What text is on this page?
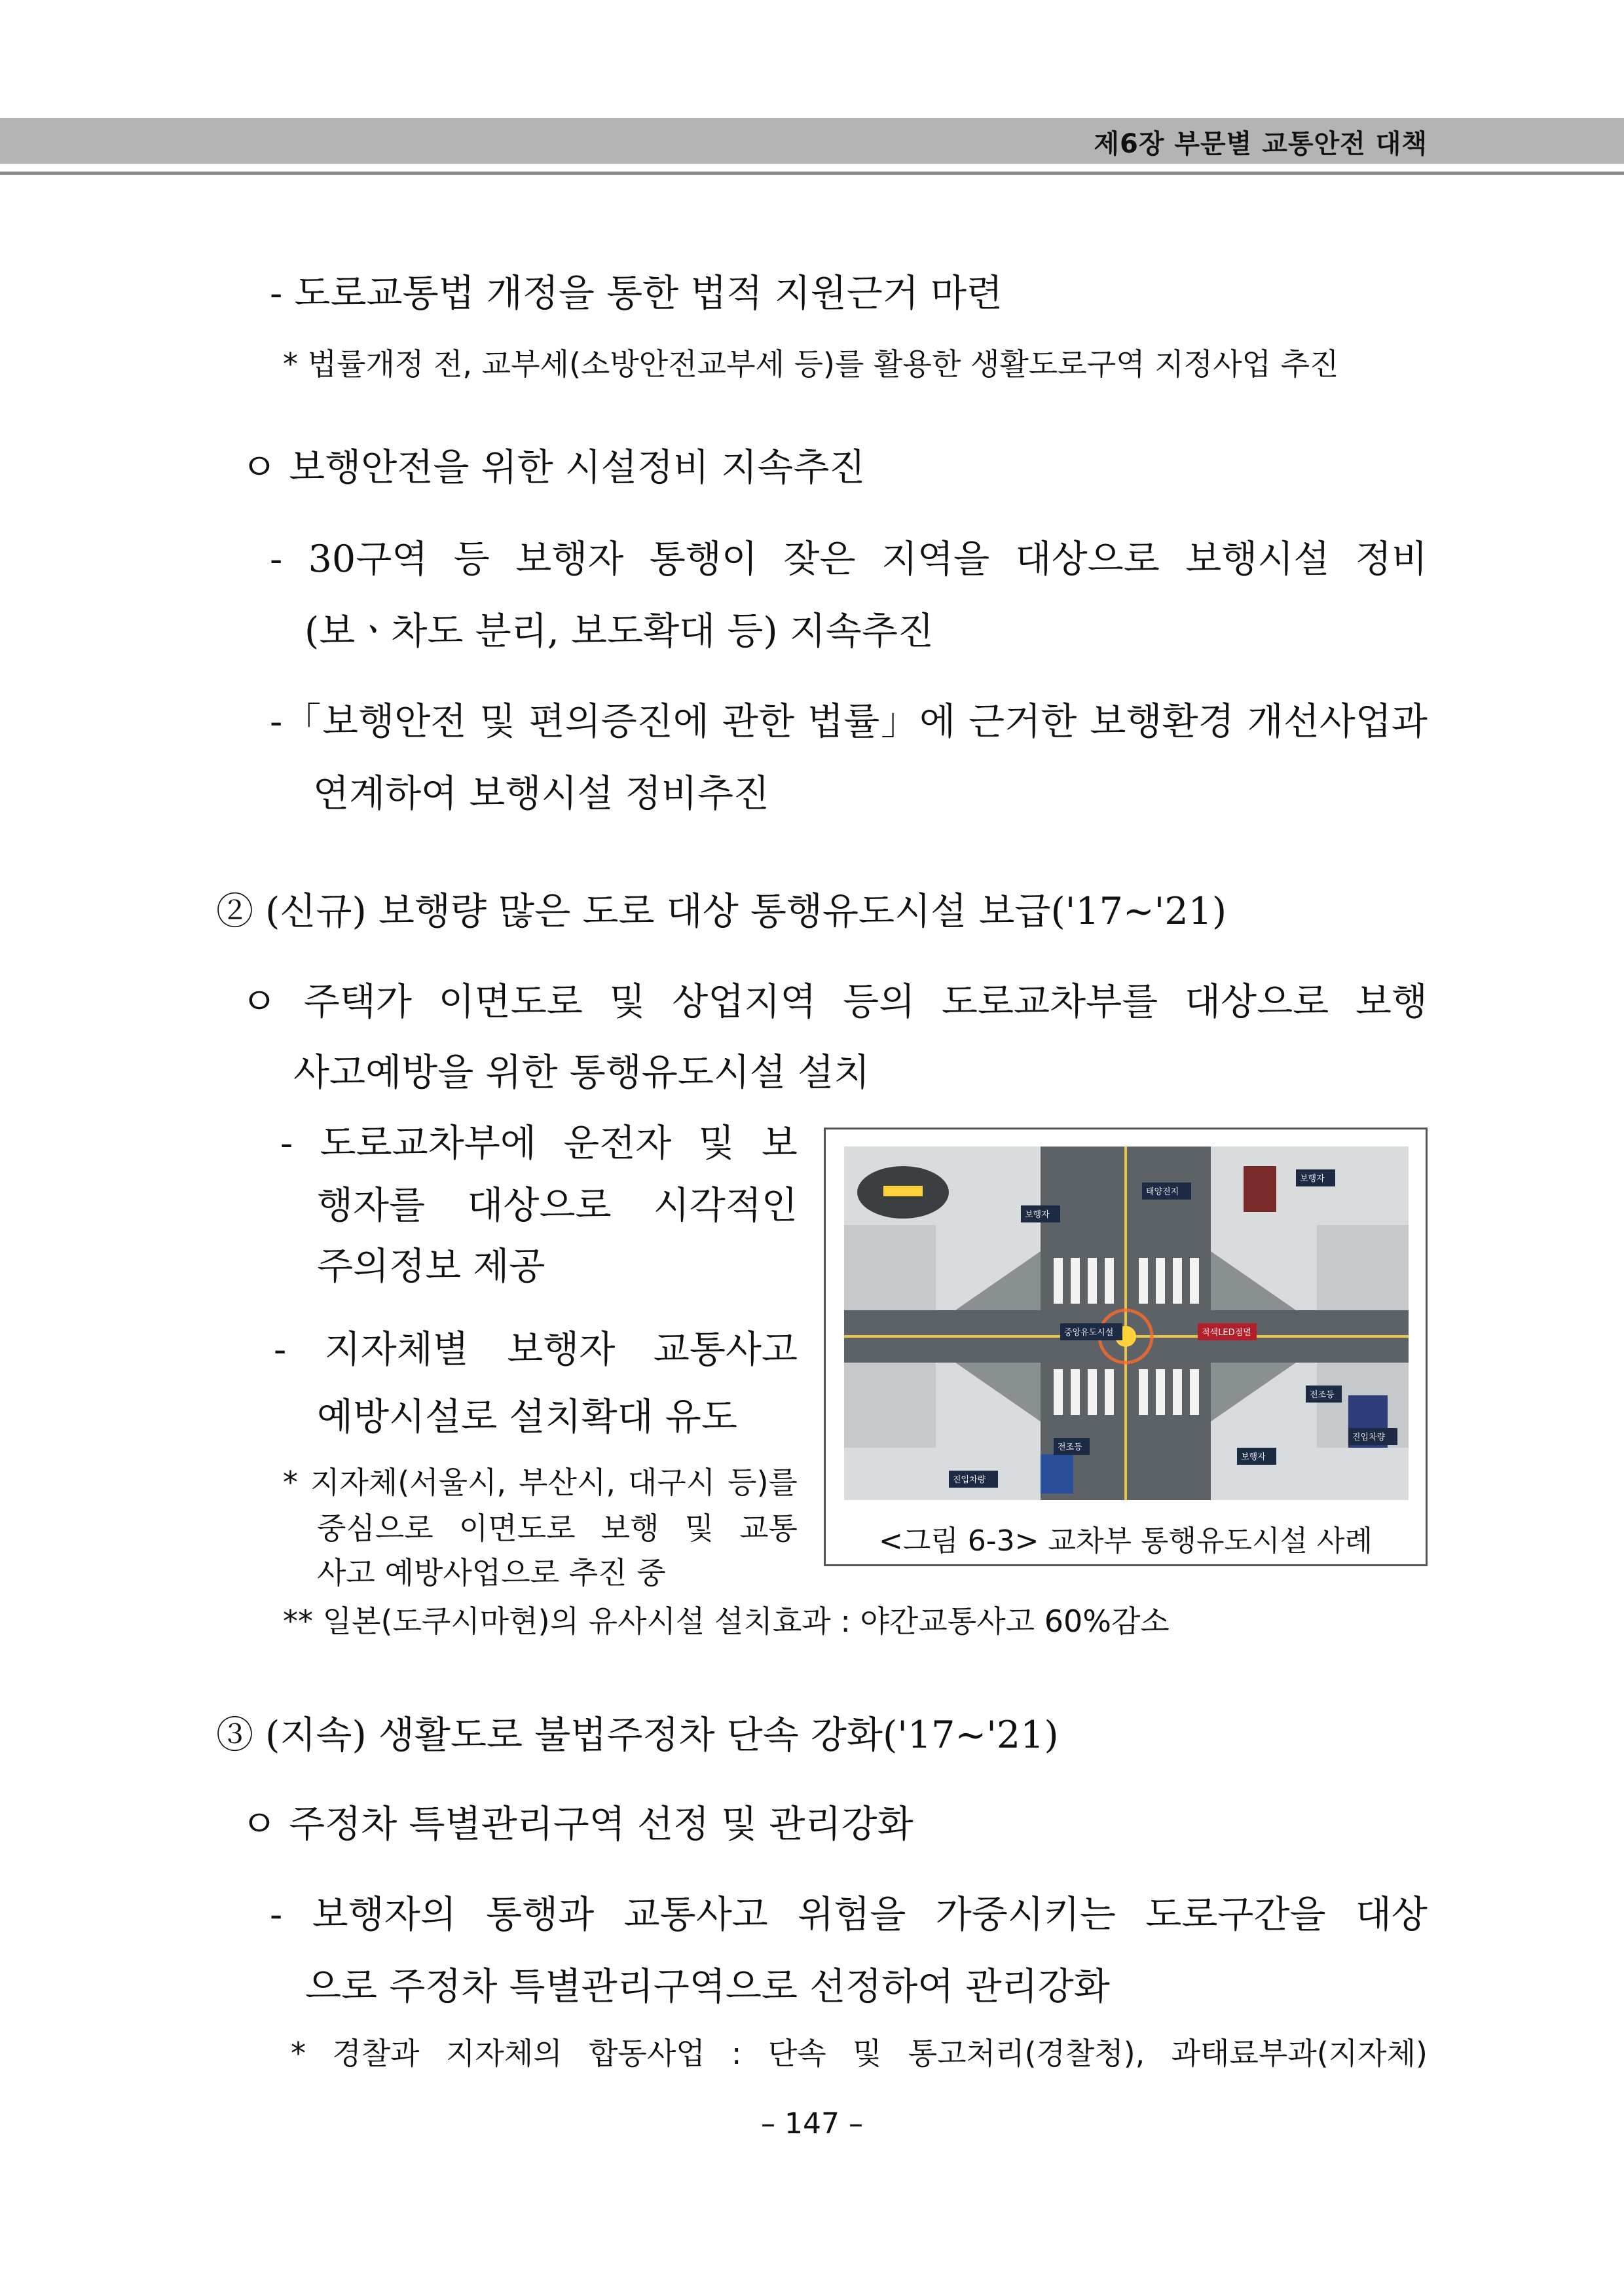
제6장 부문별 교통안전 대책
- 도로교통법 개정을 통한 법적 지원근거 마련
* 법률개정 전, 교부세(소방안전교부세 등)를 활용한 생활도로구역 지정사업 추진
ㅇ 보행안전을 위한 시설정비 지속추진
- 30구역 등 보행자 통행이 잦은 지역을 대상으로 보행시설 정비
(보ㆍ차도 분리, 보도확대 등) 지속추진
-「보행안전 및 편의증진에 관한 법률」에 근거한 보행환경 개선사업과
연계하여 보행시설 정비추진
② (신규) 보행량 많은 도로 대상 통행유도시설 보급('17~'21)
ㅇ 주택가 이면도로 및 상업지역 등의 도로교차부를 대상으로 보행
사고예방을 위한 통행유도시설 설치
- 도로교차부에 운전자 및 보
행자를 대상으로 시각적인
주의정보 제공
- 지자체별 보행자 교통사고
예방시설로 설치확대 유도
* 지자체(서울시, 부산시, 대구시 등)를
중심으로 이면도로 보행 및 교통
사고 예방사업으로 추진 중
** 일본(도쿠시마현)의 유사시설 설치효과 : 야간교통사고 60%감소
태양전지
보행자
보행자
중앙유도시설	적색LED점멸
전조등
진입차량
전조등
보행자
진입차량
<그림 6-3> 교차부 통행유도시설 사례
③ (지속) 생활도로 불법주정차 단속 강화('17~'21)
ㅇ 주정차 특별관리구역 선정 및 관리강화
- 보행자의 통행과 교통사고 위험을 가중시키는 도로구간을 대상
으로 주정차 특별관리구역으로 선정하여 관리강화
* 경찰과 지자체의 합동사업 : 단속 및 통고처리(경찰청), 과태료부과(지자체)
– 147 –
